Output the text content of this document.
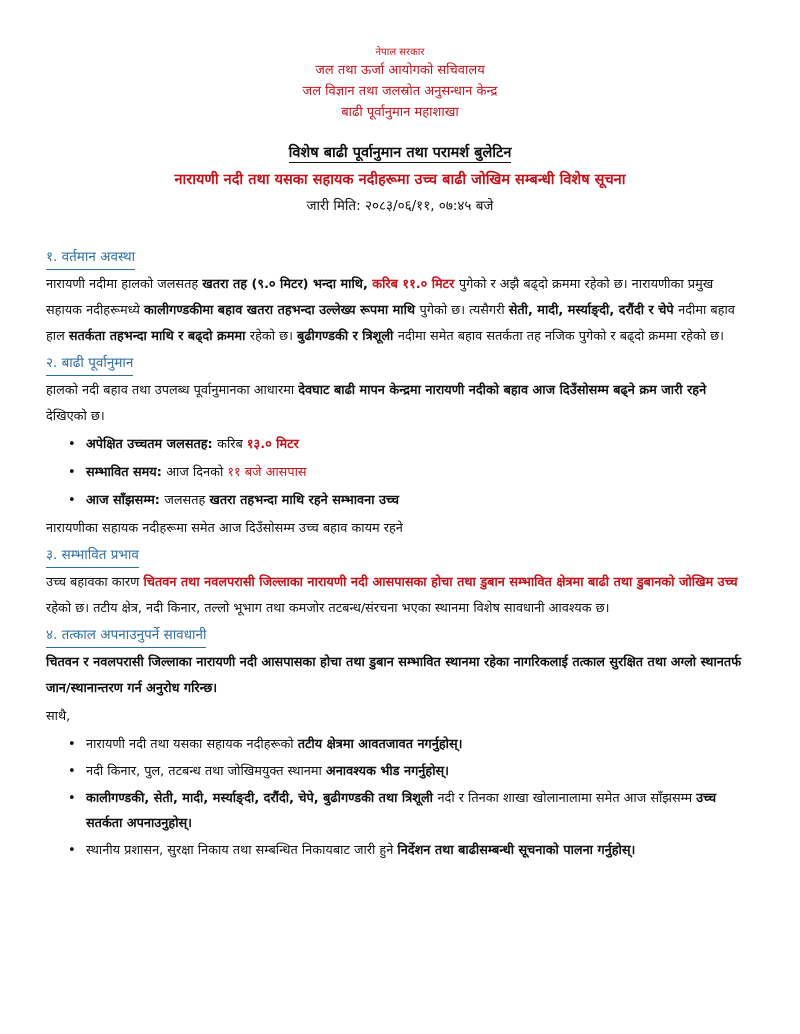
नेपाल सरकार
जल तथा ऊर्जा आयोगको सचिवालय
जल विज्ञान तथा जलस्रोत अनुसन्धान केन्द्र
बाढी पूर्वानुमान महाशाखा
विशेष बाढी पूर्वानुमान तथा परामर्श बुलेटिन
नारायणी नदी तथा यसका सहायक नदीहरूमा उच्च बाढी जोखिम सम्बन्धी विशेष सूचना
जारी मिति: २०८३/०६/११, ०७:४५ बजे
१. वर्तमान अवस्था

नारायणी नदीमा हालको जलसतह खतरा तह (९.० मिटर) भन्दा माथि, करिब ११.० मिटर पुगेको र अझै बढ्दो क्रममा रहेको छ। नारायणीका प्रमुख सहायक नदीहरूमध्ये कालीगण्डकीमा बहाव खतरा तहभन्दा उल्लेख्य रूपमा माथि पुगेको छ। त्यसैगरी सेती, मादी, मर्स्याङ्दी, दरौंदी र चेपे नदीमा बहाव हाल सतर्कता तहभन्दा माथि र बढ्दो क्रममा रहेको छ। बुढीगण्डकी र त्रिशूली नदीमा समेत बहाव सतर्कता तह नजिक पुगेको र बढ्दो क्रममा रहेको छ।

२. बाढी पूर्वानुमान

हालको नदी बहाव तथा उपलब्ध पूर्वानुमानका आधारमा देवघाट बाढी मापन केन्द्रमा नारायणी नदीको बहाव आज दिउँसोसम्म बढ्ने क्रम जारी रहने देखिएको छ।

• अपेक्षित उच्चतम जलसतह: करिब १३.० मिटर
• सम्भावित समय: आज दिनको ११ बजे आसपास
• आज साँझसम्म: जलसतह खतरा तहभन्दा माथि रहने सम्भावना उच्च

नारायणीका सहायक नदीहरूमा समेत आज दिउँसोसम्म उच्च बहाव कायम रहने

३. सम्भावित प्रभाव

उच्च बहावका कारण चितवन तथा नवलपरासी जिल्लाका नारायणी नदी आसपासका होचा तथा डुबान सम्भावित क्षेत्रमा बाढी तथा डुबानको जोखिम उच्च रहेको छ। तटीय क्षेत्र, नदी किनार, तल्लो भूभाग तथा कमजोर तटबन्ध/संरचना भएका स्थानमा विशेष सावधानी आवश्यक छ।

४. तत्काल अपनाउनुपर्ने सावधानी

चितवन र नवलपरासी जिल्लाका नारायणी नदी आसपासका होचा तथा डुबान सम्भावित स्थानमा रहेका नागरिकलाई तत्काल सुरक्षित तथा अग्लो स्थानतर्फ जान/स्थानान्तरण गर्न अनुरोध गरिन्छ।

साथै,

• नारायणी नदी तथा यसका सहायक नदीहरूको तटीय क्षेत्रमा आवतजावत नगर्नुहोस्।
• नदी किनार, पुल, तटबन्ध तथा जोखिमयुक्त स्थानमा अनावश्यक भीड नगर्नुहोस्।
• कालीगण्डकी, सेती, मादी, मर्स्याङ्दी, दरौंदी, चेपे, बुढीगण्डकी तथा त्रिशूली नदी र तिनका शाखा खोलानालामा समेत आज साँझसम्म उच्च सतर्कता अपनाउनुहोस्।
• स्थानीय प्रशासन, सुरक्षा निकाय तथा सम्बन्धित निकायबाट जारी हुने निर्देशन तथा बाढीसम्बन्धी सूचनाको पालना गर्नुहोस्।
